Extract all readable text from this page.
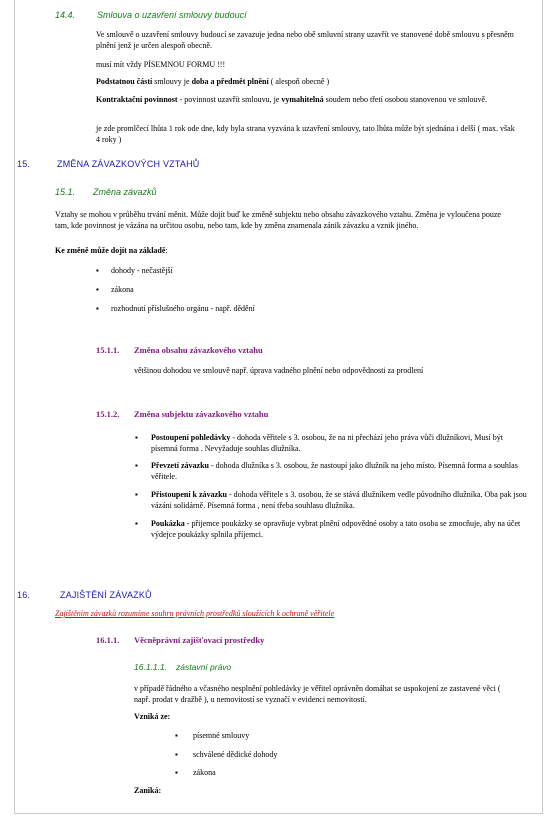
14.4. Smlouva o uzavření smlouvy budoucí

Ve smlouvě o uzavření smlouvy budoucí se zavazuje jedna nebo obě smluvní strany uzavřít ve stanovené době smlouvu s přesněm plnění jenž je určen alespoň obecně.

musí mít vždy PÍSEMNOU FORMU !!!

Podstatnou částí smlouvy je doba a předmět plnění ( alespoň obecně )

Kontraktační povinnost - povinnost uzavřít smlouvu, je vymahitelná soudem nebo třetí osobou stanovenou ve smlouvě.

je zde promlčecí lhůta 1 rok ode dne, kdy byla strana vyzvána k uzavření smlouvy, tato lhůta může být sjednána i delší ( max. však 4 roky )

15.	ZMĚNA ZÁVAZKOVÝCH VZTAHŮ
15.1. Změna závazků

Vztahy se mohou v průběhu trvání měnit. Může dojít buď ke změně subjektu nebo obsahu závazkového vztahu. Změna je vyloučena pouze tam, kde povinnost je vázána na určitou osobu, nebo tam, kde by změna znamenala zánik závazku a vznik jiného.

Ke změně může dojít na základě:

▪ dohody - nečastější

▪ zákona

▪ rozhodnutí příslušného orgánu - např. dědění

15.1.1. Změna obsahu závazkového vztahu

většinou dohodou ve smlouvě např. úprava vadného plnění nebo odpovědnosti za prodlení

15.1.2. Změna subjektu závazkového vztahu
▪ Postoupení pohledávky - dohoda věřitele s 3. osobou, že na ni přechází jeho práva vůči dlužníkovi, Musí být písemná forma . Nevyžaduje souhlas dlužníka.

▪ Převzetí závazku - dohoda dlužníka s 3. osobou, že nastoupí jako dlužník na jeho místo. Písemná forma a souhlas věřitele.

▪ Přistoupení k závazku - dohoda věřitele s 3. osobou, že se stává dlužníkem vedle původního dlužníka. Oba pak jsou vázáni solidárně. Písemná forma , není třeba souhlasu dlužníka.

▪ Poukázka - přijemce poukázky se opravňuje vybrat plnění odpovědné osoby a tato osoba se zmocňuje, aby na účet výdejce poukázky splnila příjemci.

16.	ZAJIŠTĚNÍ ZÁVAZKŮ

Zajištěním závazků rozumíme souhrn právních prostředků sloužících k ochraně věřitele

16.1.1. Věcněprávní zajišťovací prostředky
16.1.1.1. zástavní právo

v případě řádného a včasného nesplnění pohledávky je věřitel oprávněn domáhat se uspokojení ze zastavené věci ( např. prodat v dražbě ), u nemovitostí se vyznačí v evidenci nemovitostí.

Vzniká ze:

▪ písemné smlouvy

▪ schválené dědické dohody

▪ zákona

Zaniká:
